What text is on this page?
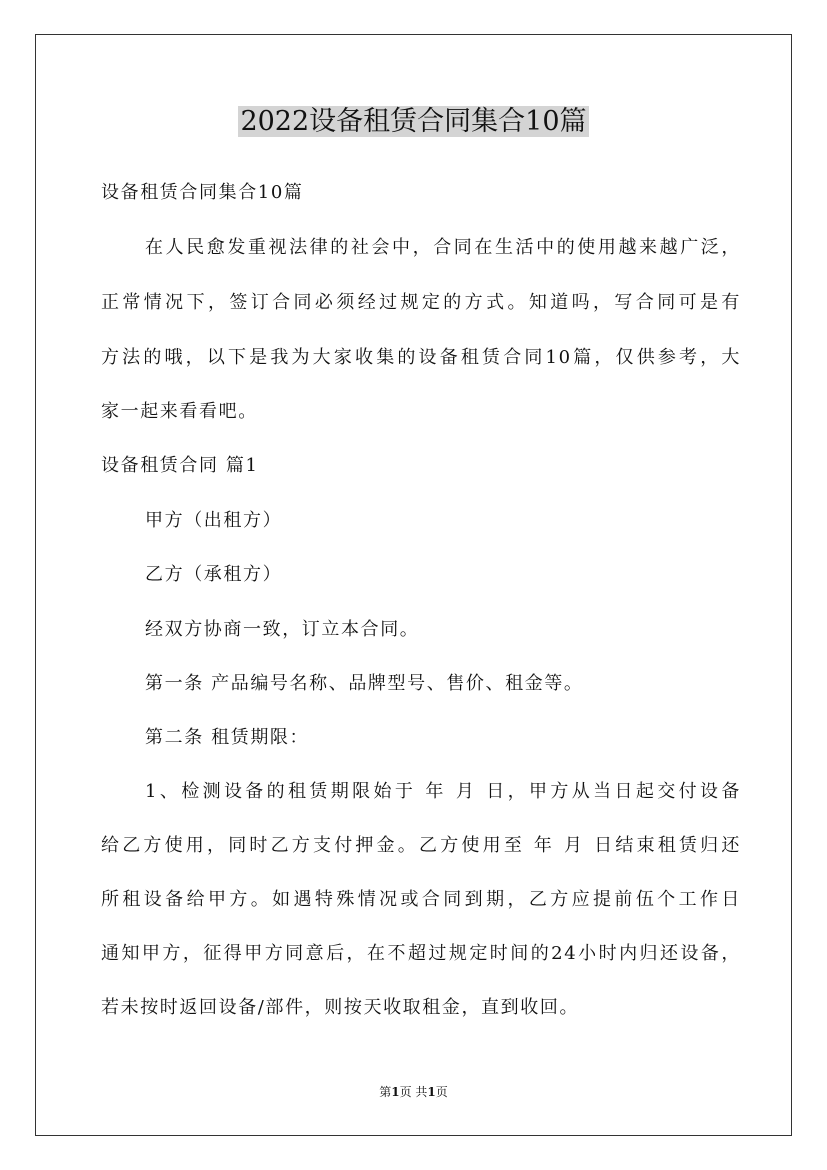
2022设备租赁合同集合10篇
设备租赁合同集合10篇
在人民愈发重视法律的社会中，合同在生活中的使用越来越广泛，
正常情况下，签订合同必须经过规定的方式。知道吗，写合同可是有
方法的哦，以下是我为大家收集的设备租赁合同10篇，仅供参考，大
家一起来看看吧。
设备租赁合同 篇1
甲方（出租方）
乙方（承租方）
经双方协商一致，订立本合同。
第一条 产品编号名称、品牌型号、售价、租金等。
第二条 租赁期限：
1、检测设备的租赁期限始于 年 月 日，甲方从当日起交付设备
给乙方使用，同时乙方支付押金。乙方使用至 年 月 日结束租赁归还
所租设备给甲方。如遇特殊情况或合同到期，乙方应提前伍个工作日
通知甲方，征得甲方同意后，在不超过规定时间的24小时内归还设备，
若未按时返回设备/部件，则按天收取租金，直到收回。
第1页 共1页
